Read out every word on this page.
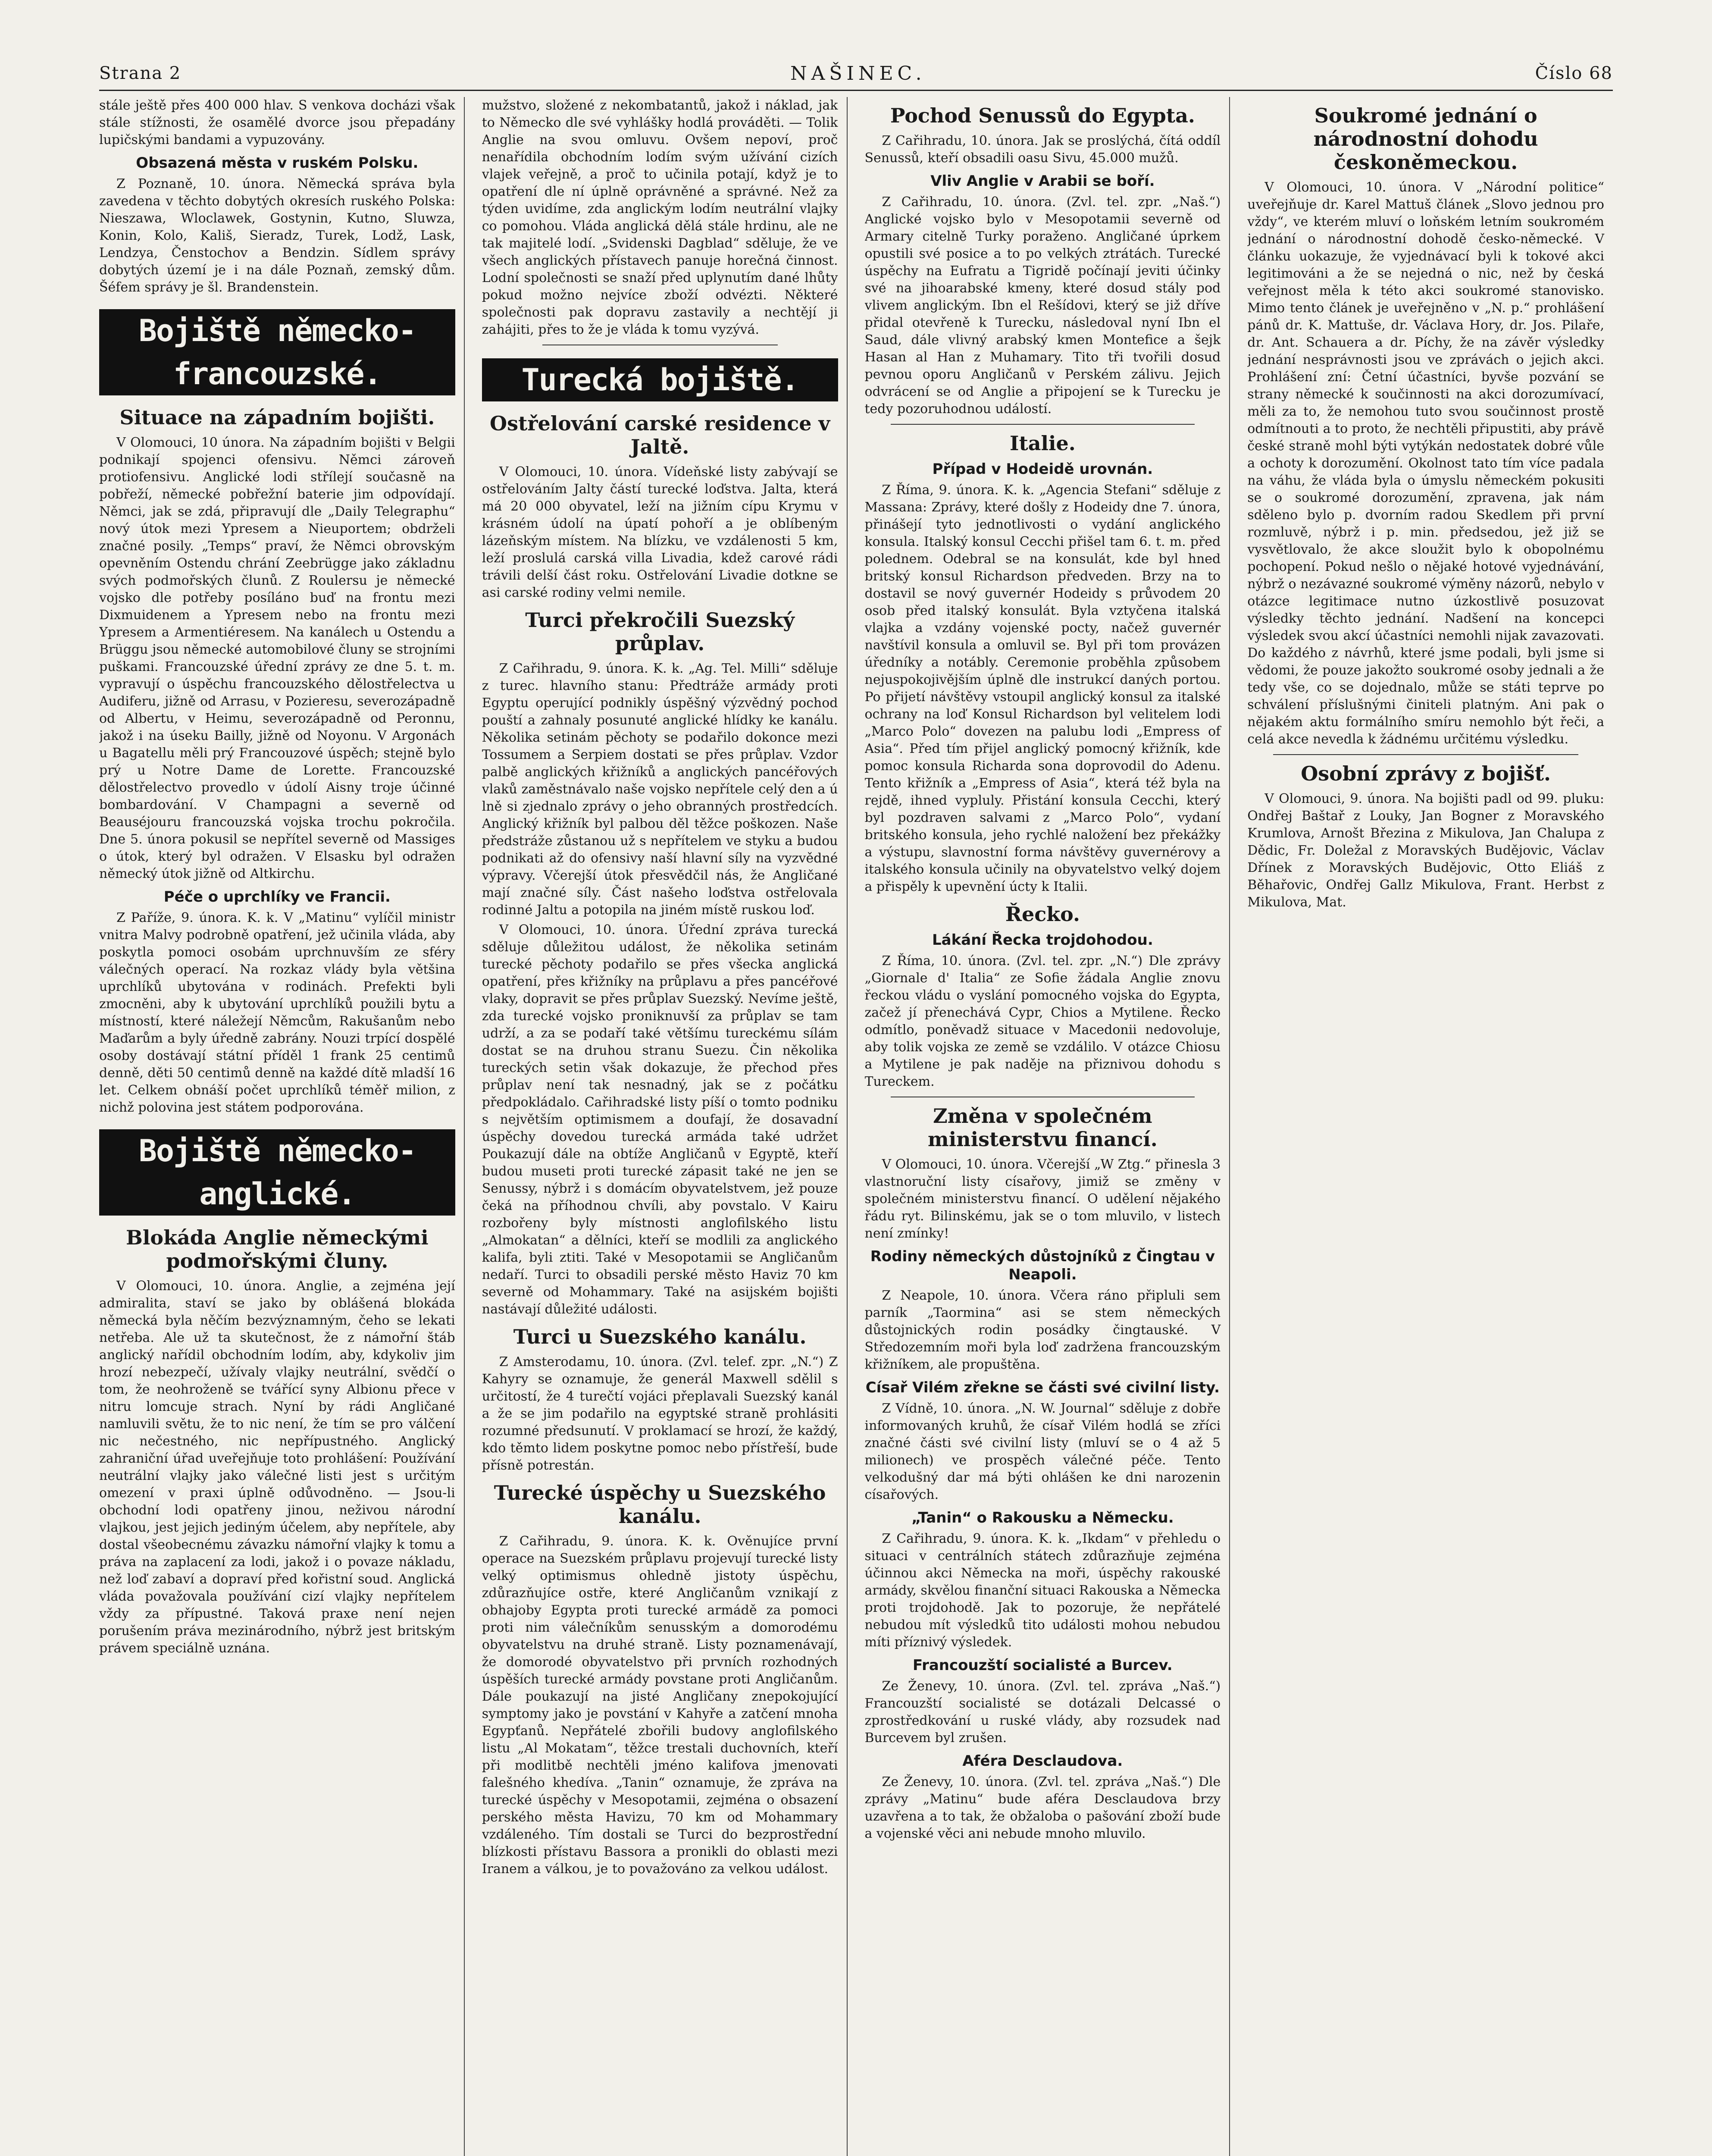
Strana 2	NAŠINEC.	Číslo 68

stále ještě přes 400 000 hlav. S venkova docházi však stále stížnosti, že osamělé dvorce jsou přepadány lupičskými bandami a vypuzovány.

Obsazená města v ruském Polsku.

Z Poznaně, 10. února. Německá správa byla zavedena v těchto dobytých okresích ruského Polska: Nieszawa, Wloclawek, Gostynin, Kutno, Sluwza, Konin, Kolo, Kališ, Sieradz, Turek, Lodž, Lask, Lendzya, Čenstochov a Bendzin. Sídlem správy dobytých území je i na dále Poznaň, zemský dům. Šéfem správy je šl. Brandenstein.

Bojiště německo-francouzské.
Situace na západním bojišti.

V Olomouci, 10 února. Na západním bojišti v Belgii podnikají spojenci ofensivu. Němci zároveň protiofensivu. Anglické lodi střílejí současně na pobřeží, německé pobřežní baterie jim odpovídají. Němci, jak se zdá, připravují dle „Daily Telegraphu“ nový útok mezi Ypresem a Nieuportem; obdrželi značné posily. „Temps“ praví, že Němci obrovským opevněním Ostendu chrání Zeebrügge jako základnu svých podmořských člunů. Z Roulersu je německé vojsko dle potřeby posíláno buď na frontu mezi Dixmuidenem a Ypresem nebo na frontu mezi Ypresem a Armentiéresem. Na kanálech u Ostendu a Brüggu jsou německé automobilové čluny se strojními puškami. Francouzské úřední zprávy ze dne 5. t. m. vypravují o úspěchu francouzského dělostřelectva u Audiferu, jižně od Arrasu, v Pozieresu, severozápadně od Albertu, v Heimu, severozápadně od Peronnu, jakož i na úseku Bailly, jižně od Noyonu. V Argonách u Bagatellu měli prý Francouzové úspěch; stejně bylo prý u Notre Dame de Lorette. Francouzské dělostřelectvo provedlo v údolí Aisny troje účinné bombardování. V Champagni a severně od Beauséjouru francouzská vojska trochu pokročila. Dne 5. února pokusil se nepřítel severně od Massiges o útok, který byl odražen. V Elsasku byl odražen německý útok jižně od Altkirchu.

Péče o uprchlíky ve Francii.

Z Paříže, 9. února. K. k. V „Matinu“ vylíčil ministr vnitra Malvy podrobně opatření, jež učinila vláda, aby poskytla pomoci osobám uprchnuvším ze sféry válečných operací. Na rozkaz vlády byla většina uprchlíků ubytována v rodinách. Prefekti byli zmocněni, aby k ubytování uprchlíků použili bytu a místností, které náležejí Němcům, Rakušanům nebo Maďarům a byly úředně zabrány. Nouzi trpící dospělé osoby dostávají státní příděl 1 frank 25 centimů denně, děti 50 centimů denně na každé dítě mladší 16 let. Celkem obnáší počet uprchlíků téměř milion, z nichž polovina jest státem podporována.

Bojiště německo-anglické.
Blokáda Anglie německými podmořskými čluny.

V Olomouci, 10. února. Anglie, a zejména její admiralita, staví se jako by oblášená blokáda německá byla něčím bezvýznamným, čeho se lekati netřeba. Ale už ta skutečnost, že z námořní štáb anglický nařídil obchodním lodím, aby, kdykoliv jim hrozí nebezpečí, užívaly vlajky neutrální, svědčí o tom, že neohroženě se tvářící syny Albionu přece v nitru lomcuje strach. Nyní by rádi Angličané namluvili světu, že to nic není, že tím se pro válčení nic nečestného, nic nepřípustného. Anglický zahraniční úřad uveřejňuje toto prohlášení: Používání neutrální vlajky jako válečné listi jest s určitým omezení v praxi úplně odůvodněno. — Jsou-li obchodní lodi opatřeny jinou, neživou národní vlajkou, jest jejich jediným účelem, aby nepřítele, aby dostal všeobecnému závazku námořní vlajky k tomu a práva na zaplacení za lodi, jakož i o povaze nákladu, než loď zabaví a dopraví před kořistní soud. Anglická vláda považovala používání cizí vlajky nepřítelem vždy za přípustné. Taková praxe není nejen porušením práva mezinárodního, nýbrž jest britským právem speciálně uznána.

mužstvo, složené z nekombatantů, jakož i náklad, jak to Německo dle své vyhlášky hodlá prováděti. — Tolik Anglie na svou omluvu. Ovšem nepoví, proč nenařídila obchodním lodím svým užívání cizích vlajek veřejně, a proč to učinila potají, když je to opatření dle ní úplně oprávněné a správné. Než za týden uvidíme, zda anglickým lodím neutrální vlajky co pomohou. Vláda anglická dělá stále hrdinu, ale ne tak majitelé lodí. „Svidenski Dagblad“ sděluje, že ve všech anglických přístavech panuje horečná činnost. Lodní společnosti se snaží před uplynutím dané lhůty pokud možno nejvíce zboží odvézti. Některé společnosti pak dopravu zastavily a nechtějí ji zahájiti, přes to že je vláda k tomu vyzývá.

Turecká bojiště.
Ostřelování carské residence v Jaltě.

V Olomouci, 10. února. Vídeňské listy zabývají se ostřelováním Jalty částí turecké loďstva. Jalta, která má 20 000 obyvatel, leží na jižním cípu Krymu v krásném údolí na úpatí pohoří a je oblíbeným lázeňským místem. Na blízku, ve vzdálenosti 5 km, leží proslulá carská villa Livadia, kdež carové rádi trávili delší část roku. Ostřelování Livadie dotkne se asi carské rodiny velmi nemile.

Turci překročili Suezský průplav.

Z Cařihradu, 9. února. K. k. „Ag. Tel. Milli“ sděluje z turec. hlavního stanu: Předtráže armády proti Egyptu operující podnikly úspěšný výzvědný pochod pouští a zahnaly posunuté anglické hlídky ke kanálu. Několika setinám pěchoty se podařilo dokonce mezi Tossumem a Serpiem dostati se přes průplav. Vzdor palbě anglických křižníků a anglických pancéřových vlaků zaměstnávalo naše vojsko nepřítele celý den a ú lně si zjednalo zprávy o jeho obranných prostředcích. Anglický křižník byl palbou děl těžce poškozen. Naše předstráže zůstanou už s nepřítelem ve styku a budou podnikati až do ofensivy naší hlavní síly na vyzvědné výpravy. Včerejší útok přesvědčil nás, že Angličané mají značné síly. Část našeho loďstva ostřelovala rodinné Jaltu a potopila na jiném místě ruskou loď.

V Olomouci, 10. února. Úřední zpráva turecká sděluje důležitou událost, že několika setinám turecké pěchoty podařilo se přes všecka anglická opatření, přes křižníky na průplavu a přes pancéřové vlaky, dopravit se přes průplav Suezský. Nevíme ještě, zda turecké vojsko proniknuvší za průplav se tam udrží, a za se podaří také většímu tureckému sílám dostat se na druhou stranu Suezu. Čin několika tureckých setin však dokazuje, že přechod přes průplav není tak nesnadný, jak se z počátku předpokládalo. Cařihradské listy píší o tomto podniku s největším optimismem a doufají, že dosavadní úspěchy dovedou turecká armáda také udržet Poukazují dále na obtíže Angličanů v Egyptě, kteří budou museti proti turecké zápasit také ne jen se Senussy, nýbrž i s domácím obyvatelstvem, jež pouze čeká na příhodnou chvíli, aby povstalo. V Kairu rozbořeny byly místnosti anglofilského listu „Almokatan“ a dělníci, kteří se modlili za anglického kalifa, byli ztiti. Také v Mesopotamii se Angličanům nedaří. Turci to obsadili perské město Haviz 70 km severně od Mohammary. Také na asijském bojišti nastávají důležité události.

Turci u Suezského kanálu.

Z Amsterodamu, 10. února. (Zvl. telef. zpr. „N.“) Z Kahyry se oznamuje, že generál Maxwell sdělil s určitostí, že 4 turečtí vojáci přeplavali Suezský kanál a že se jim podařilo na egyptské straně prohlásiti rozumné předsunutí. V proklamací se hrozí, že každý, kdo těmto lidem poskytne pomoc nebo přístřeší, bude přísně potrestán.

Turecké úspěchy u Suezského kanálu.

Z Cařihradu, 9. února. K. k. Ověnujíce první operace na Suezském průplavu projevují turecké listy velký optimismus ohledně jistoty úspěchu, zdůrazňujíce ostře, které Angličanům vznikají z obhajoby Egypta proti turecké armádě za pomoci proti nim válečníkům senusským a domorodému obyvatelstvu na druhé straně. Listy poznamenávají, že domorodé obyvatelstvo při prvních rozhodných úspěších turecké armády povstane proti Angličanům. Dále poukazují na jisté Angličany znepokojující symptomy jako je povstání v Kahyře a zatčení mnoha Egypťanů. Nepřátelé zbořili budovy anglofilského listu „Al Mokatam“, těžce trestali duchovních, kteří při modlitbě nechtěli jméno kalifova jmenovati falešného khedíva. „Tanin“ oznamuje, že zpráva na turecké úspěchy v Mesopotamii, zejména o obsazení perského města Havizu, 70 km od Mohammary vzdáleného. Tím dostali se Turci do bezprostřední blízkosti přístavu Bassora a pronikli do oblasti mezi Iranem a válkou, je to považováno za velkou událost.

Pochod Senussů do Egypta.

Z Cařihradu, 10. února. Jak se proslýchá, čítá oddíl Senussů, kteří obsadili oasu Sivu, 45.000 mužů.

Vliv Anglie v Arabii se boří.

Z Cařihradu, 10. února. (Zvl. tel. zpr. „Naš.“) Anglické vojsko bylo v Mesopotamii severně od Armary citelně Turky poraženo. Angličané úprkem opustili své posice a to po velkých ztrátách. Turecké úspěchy na Eufratu a Tigridě počínají jeviti účinky své na jihoarabské kmeny, které dosud stály pod vlivem anglickým. Ibn el Rešídovi, který se již dříve přidal otevřeně k Turecku, následoval nyní Ibn el Saud, dále vlivný arabský kmen Montefice a šejk Hasan al Han z Muhamary. Tito tři tvořili dosud pevnou oporu Angličanů v Perském zálivu. Jejich odvrácení se od Anglie a připojení se k Turecku je tedy pozoruhodnou událostí.

Italie.
Případ v Hodeidě urovnán.

Z Říma, 9. února. K. k. „Agencia Stefani“ sděluje z Massana: Zprávy, které došly z Hodeidy dne 7. února, přinášejí tyto jednotlivosti o vydání anglického konsula. Italský konsul Cecchi přišel tam 6. t. m. před polednem. Odebral se na konsulát, kde byl hned britský konsul Richardson předveden. Brzy na to dostavil se nový guvernér Hodeidy s průvodem 20 osob před italský konsulát. Byla vztyčena italská vlajka a vzdány vojenské pocty, načež guvernér navštívil konsula a omluvil se. Byl při tom provázen úředníky a notábly. Ceremonie proběhla způsobem nejuspokojivějším úplně dle instrukcí daných portou. Po přijetí návštěvy vstoupil anglický konsul za italské ochrany na loď Konsul Richardson byl velitelem lodi „Marco Polo“ dovezen na palubu lodi „Empress of Asia“. Před tím přijel anglický pomocný křižník, kde pomoc konsula Richarda sona doprovodil do Adenu. Tento křižník a „Empress of Asia“, která též byla na rejdě, ihned vypluly. Přistání konsula Cecchi, který byl pozdraven salvami z „Marco Polo“, vydaní britského konsula, jeho rychlé naložení bez překážky a výstupu, slavnostní forma návštěvy guvernérovy a italského konsula učinily na obyvatelstvo velký dojem a přispěly k upevnění úcty k Italii.

Řecko.
Lákání Řecka trojdohodou.

Z Říma, 10. února. (Zvl. tel. zpr. „N.“) Dle zprávy „Giornale d' Italia“ ze Sofie žádala Anglie znovu řeckou vládu o vyslání pomocného vojska do Egypta, začež jí přenechává Cypr, Chios a Mytilene. Řecko odmítlo, poněvadž situace v Macedonii nedovoluje, aby tolik vojska ze země se vzdálilo. V otázce Chiosu a Mytilene je pak naděje na přiznivou dohodu s Tureckem.

Změna v společném ministerstvu financí.

V Olomouci, 10. února. Včerejší „W Ztg.“ přinesla 3 vlastnoruční listy císařovy, jimiž se změny v společném ministerstvu financí. O udělení nějakého řádu ryt. Bilinskému, jak se o tom mluvilo, v listech není zmínky!

Rodiny německých důstojníků z Čingtau v Neapoli.

Z Neapole, 10. února. Včera ráno připluli sem parník „Taormina“ asi se stem německých důstojnických rodin posádky čingtauské. V Středozemním moři byla loď zadržena francouzským křižníkem, ale propuštěna.

Císař Vilém zřekne se části své civilní listy.

Z Vídně, 10. února. „N. W. Journal“ sděluje z dobře informovaných kruhů, že císař Vilém hodlá se zříci značné části své civilní listy (mluví se o 4 až 5 milionech) ve prospěch válečné péče. Tento velkodušný dar má býti ohlášen ke dni narozenin císařových.

„Tanin“ o Rakousku a Německu.

Z Cařihradu, 9. února. K. k. „Ikdam“ v přehledu o situaci v centrálních státech zdůrazňuje zejména účinnou akci Německa na moři, úspěchy rakouské armády, skvělou finanční situaci Rakouska a Německa proti trojdohodě. Jak to pozoruje, že nepřátelé nebudou mít výsledků tito události mohou nebudou míti příznivý výsledek.

Francouzští socialisté a Burcev.

Ze Ženevy, 10. února. (Zvl. tel. zpráva „Naš.“) Francouzští socialisté se dotázali Delcassé o zprostředkování u ruské vlády, aby rozsudek nad Burcevem byl zrušen.

Aféra Desclaudova.

Ze Ženevy, 10. února. (Zvl. tel. zpráva „Naš.“) Dle zprávy „Matinu“ bude aféra Desclaudova brzy uzavřena a to tak, že obžaloba o pašování zboží bude a vojenské věci ani nebude mnoho mluvilo.

Soukromé jednání o národnostní dohodu českoněmeckou.

V Olomouci, 10. února. V „Národní politice“ uveřejňuje dr. Karel Mattuš článek „Slovo jednou pro vždy“, ve kterém mluví o loňském letním soukromém jednání o národnostní dohodě česko-německé. V článku uokazuje, že vyjednávací byli k tokové akci legitimováni a že se nejedná o nic, než by česká veřejnost měla k této akci soukromé stanovisko. Mimo tento článek je uveřejněno v „N. p.“ prohlášení pánů dr. K. Mattuše, dr. Václava Hory, dr. Jos. Pilaře, dr. Ant. Schauera a dr. Píchy, že na závěr výsledky jednání nesprávnosti jsou ve zprávách o jejich akci. Prohlášení zní: Četní účastníci, byvše pozvání se strany německé k součinnosti na akci dorozumívací, měli za to, že nemohou tuto svou součinnost prostě odmítnouti a to proto, že nechtěli připustiti, aby právě české straně mohl býti vytýkán nedostatek dobré vůle a ochoty k dorozumění. Okolnost tato tím více padala na váhu, že vláda byla o úmyslu německém pokusiti se o soukromé dorozumění, zpravena, jak nám sděleno bylo p. dvorním radou Skedlem při první rozmluvě, nýbrž i p. min. předsedou, jež již se vysvětlovalo, že akce sloužit bylo k obopolnému pochopení. Pokud nešlo o nějaké hotové vyjednávání, nýbrž o nezávazné soukromé výměny názorů, nebylo v otázce legitimace nutno úzkostlivě posuzovat výsledky těchto jednání. Nadšení na koncepci výsledek svou akcí účastníci nemohli nijak zavazovati. Do každého z návrhů, které jsme podali, byli jsme si vědomi, že pouze jakožto soukromé osoby jednali a že tedy vše, co se dojednalo, může se státi teprve po schválení příslušnými činiteli platným. Ani pak o nějakém aktu formálního smíru nemohlo být řeči, a celá akce nevedla k žádnému určitému výsledku.

Osobní zprávy z bojišť.

V Olomouci, 9. února. Na bojišti padl od 99. pluku: Ondřej Baštař z Louky, Jan Bogner z Moravského Krumlova, Arnošt Březina z Mikulova, Jan Chalupa z Dědic, Fr. Doležal z Moravských Budějovic, Václav Dřínek z Moravských Budějovic, Otto Eliáš z Běhařovic, Ondřej Gallz Mikulova, Frant. Herbst z Mikulova, Mat.
